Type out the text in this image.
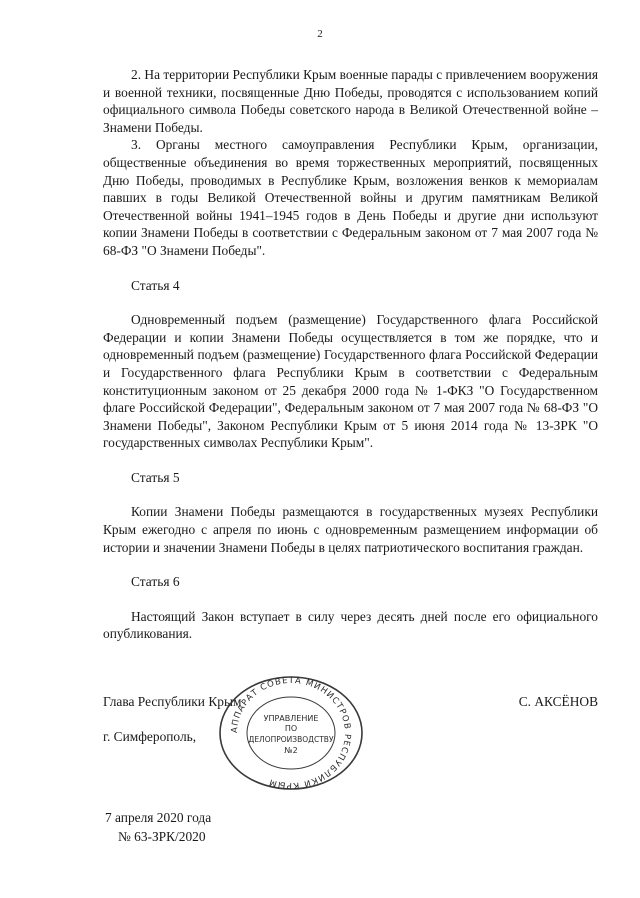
2

2. На территории Республики Крым военные парады с привлечением вооружения и военной техники, посвященные Дню Победы, проводятся с использованием копий официального символа Победы советского народа в Великой Отечественной войне – Знамени Победы.

3. Органы местного самоуправления Республики Крым, организации, общественные объединения во время торжественных мероприятий, посвященных Дню Победы, проводимых в Республике Крым, возложения венков к мемориалам павших в годы Великой Отечественной войны и другим памятникам Великой Отечественной войны 1941–1945 годов в День Победы и другие дни используют копии Знамени Победы в соответствии с Федеральным законом от 7 мая 2007 года № 68-ФЗ "О Знамени Победы".

Статья 4

Одновременный подъем (размещение) Государственного флага Российской Федерации и копии Знамени Победы осуществляется в том же порядке, что и одновременный подъем (размещение) Государственного флага Российской Федерации и Государственного флага Республики Крым в соответствии с Федеральным конституционным законом от 25 декабря 2000 года № 1-ФКЗ "О Государственном флаге Российской Федерации", Федеральным законом от 7 мая 2007 года № 68-ФЗ "О Знамени Победы", Законом Республики Крым от 5 июня 2014 года № 13-ЗРК "О государственных символах Республики Крым".

Статья 5

Копии Знамени Победы размещаются в государственных музеях Республики Крым ежегодно с апреля по июнь с одновременным размещением информации об истории и значении Знамени Победы в целях патриотического воспитания граждан.

Статья 6

Настоящий Закон вступает в силу через десять дней после его официального опубликования.

Глава Республики Крым	С. АКСЁНОВ
г. Симферополь,	АППАРАТ СОВЕТА МИНИСТРОВ РЕСПУБЛИКИ КРЫМ
УПРАВЛЕНИЕ
ПО
ДЕЛОПРОИЗВОДСТВУ
№2
7 апреля 2020 года
№ 63-ЗРК/2020
